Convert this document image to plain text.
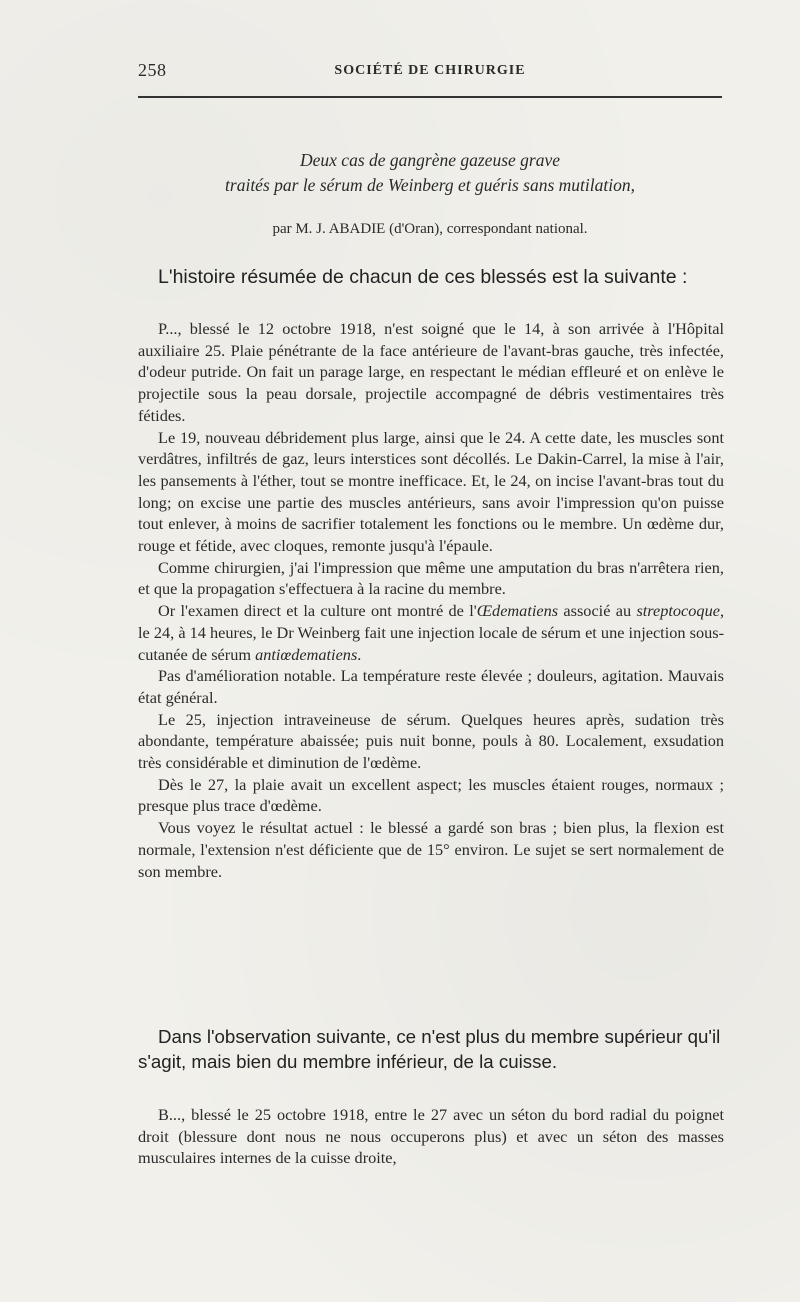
258	SOCIÉTÉ DE CHIRURGIE
Deux cas de gangrène gazeuse grave
traités par le sérum de Weinberg et guéris sans mutilation,
par M. J. ABADIE (d'Oran), correspondant national.
L'histoire résumée de chacun de ces blessés est la suivante :

P..., blessé le 12 octobre 1918, n'est soigné que le 14, à son arrivée à l'Hôpital auxiliaire 25. Plaie pénétrante de la face antérieure de l'avant-bras gauche, très infectée, d'odeur putride. On fait un parage large, en respectant le médian effleuré et on enlève le projectile sous la peau dorsale, projectile accompagné de débris vestimentaires très fétides.

Le 19, nouveau débridement plus large, ainsi que le 24. A cette date, les muscles sont verdâtres, infiltrés de gaz, leurs interstices sont décollés. Le Dakin-Carrel, la mise à l'air, les pansements à l'éther, tout se montre inefficace. Et, le 24, on incise l'avant-bras tout du long; on excise une partie des muscles antérieurs, sans avoir l'impression qu'on puisse tout enlever, à moins de sacrifier totalement les fonctions ou le membre. Un œdème dur, rouge et fétide, avec cloques, remonte jusqu'à l'épaule.

Comme chirurgien, j'ai l'impression que même une amputation du bras n'arrêtera rien, et que la propagation s'effectuera à la racine du membre.

Or l'examen direct et la culture ont montré de l'Œdematiens associé au streptocoque, le 24, à 14 heures, le Dr Weinberg fait une injection locale de sérum et une injection sous-cutanée de sérum antiœdematiens.

Pas d'amélioration notable. La température reste élevée ; douleurs, agitation. Mauvais état général.

Le 25, injection intraveineuse de sérum. Quelques heures après, sudation très abondante, température abaissée; puis nuit bonne, pouls à 80. Localement, exsudation très considérable et diminution de l'œdème.

Dès le 27, la plaie avait un excellent aspect; les muscles étaient rouges, normaux ; presque plus trace d'œdème.

Vous voyez le résultat actuel : le blessé a gardé son bras ; bien plus, la flexion est normale, l'extension n'est déficiente que de 15° environ. Le sujet se sert normalement de son membre.

Dans l'observation suivante, ce n'est plus du membre supérieur qu'il s'agit, mais bien du membre inférieur, de la cuisse.

B..., blessé le 25 octobre 1918, entre le 27 avec un séton du bord radial du poignet droit (blessure dont nous ne nous occuperons plus) et avec un séton des masses musculaires internes de la cuisse droite,
